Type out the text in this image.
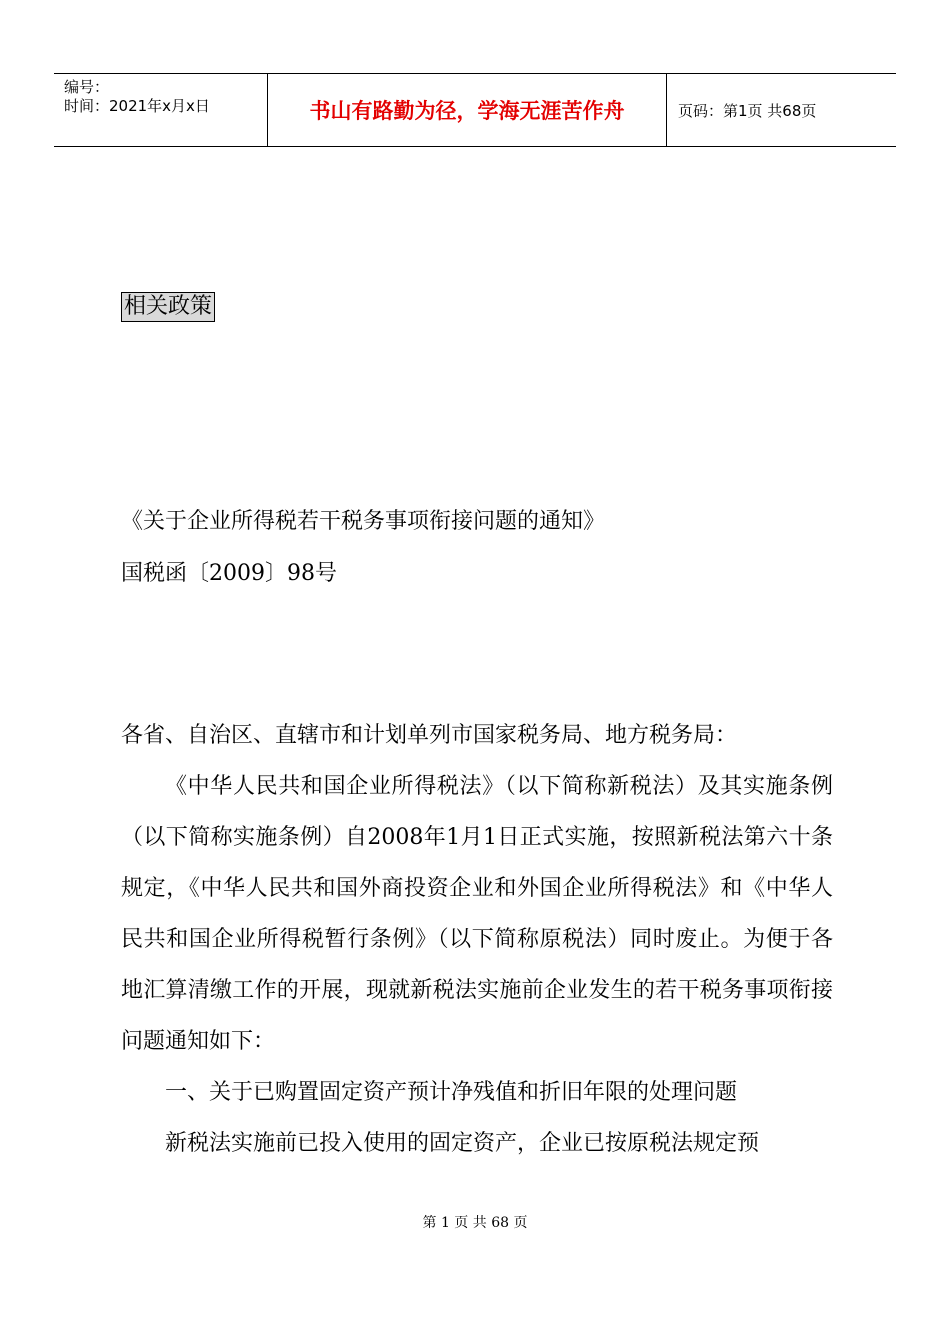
编号：
时间：2021年x月x日	书山有路勤为径，学海无涯苦作舟	页码：第1页 共68页
相关政策
《关于企业所得税若干税务事项衔接问题的通知》
国税函〔2009〕98号

各省、自治区、直辖市和计划单列市国家税务局、地方税务局：

《中华人民共和国企业所得税法》（以下简称新税法）及其实施条例（以下简称实施条例）自2008年1月1日正式实施，按照新税法第六十条规定，《中华人民共和国外商投资企业和外国企业所得税法》和《中华人民共和国企业所得税暂行条例》（以下简称原税法）同时废止。为便于各地汇算清缴工作的开展，现就新税法实施前企业发生的若干税务事项衔接问题通知如下：

一、关于已购置固定资产预计净残值和折旧年限的处理问题

新税法实施前已投入使用的固定资产，企业已按原税法规定预

第 1 页 共 68 页
